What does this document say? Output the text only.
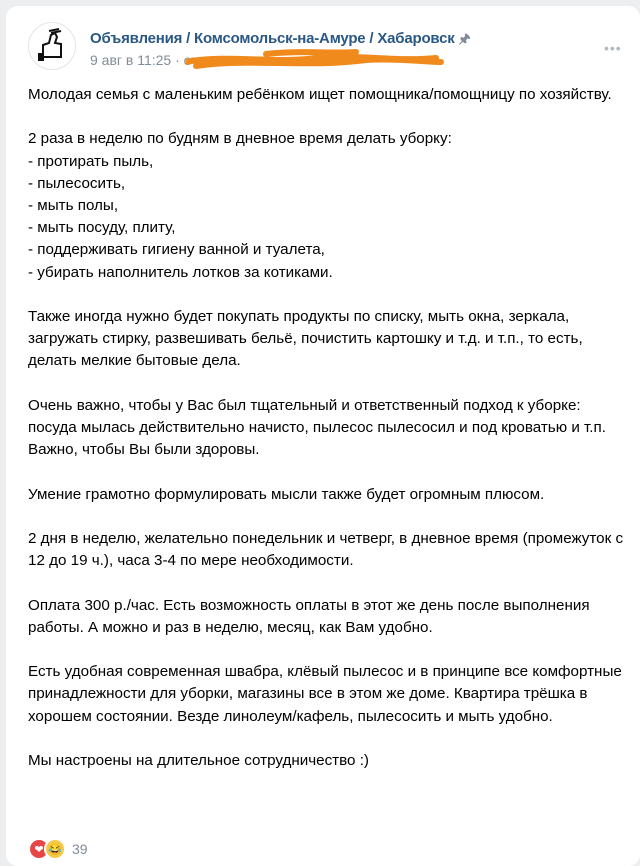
Объявления / Комсомольск-на-Амуре / Хабаровск 🖈
9 авг в 11:25 · от
•••

Молодая семья с маленьким ребёнком ищет помощника/помощницу по хозяйству.

2 раза в неделю по будням в дневное время делать уборку:
- протирать пыль,
- пылесосить,
- мыть полы,
- мыть посуду, плиту,
- поддерживать гигиену ванной и туалета,
- убирать наполнитель лотков за котиками.

Также иногда нужно будет покупать продукты по списку, мыть окна, зеркала, загружать стирку, развешивать бельё, почистить картошку и т.д. и т.п., то есть, делать мелкие бытовые дела.

Очень важно, чтобы у Вас был тщательный и ответственный подход к уборке: посуда мылась действительно начисто, пылесос пылесосил и под кроватью и т.п. Важно, чтобы Вы были здоровы.

Умение грамотно формулировать мысли также будет огромным плюсом.

2 дня в неделю, желательно понедельник и четверг, в дневное время (промежуток с 12 до 19 ч.), часа 3-4 по мере необходимости.

Оплата 300 р./час. Есть возможность оплаты в этот же день после выполнения работы. А можно и раз в неделю, месяц, как Вам удобно.

Есть удобная современная швабра, клёвый пылесос и в принципе все комфортные принадлежности для уборки, магазины все в этом же доме. Квартира трёшка в хорошем состоянии. Везде линолеум/кафель, пылесосить и мыть удобно.

Мы настроены на длительное сотрудничество :)

❤ 😂 39
